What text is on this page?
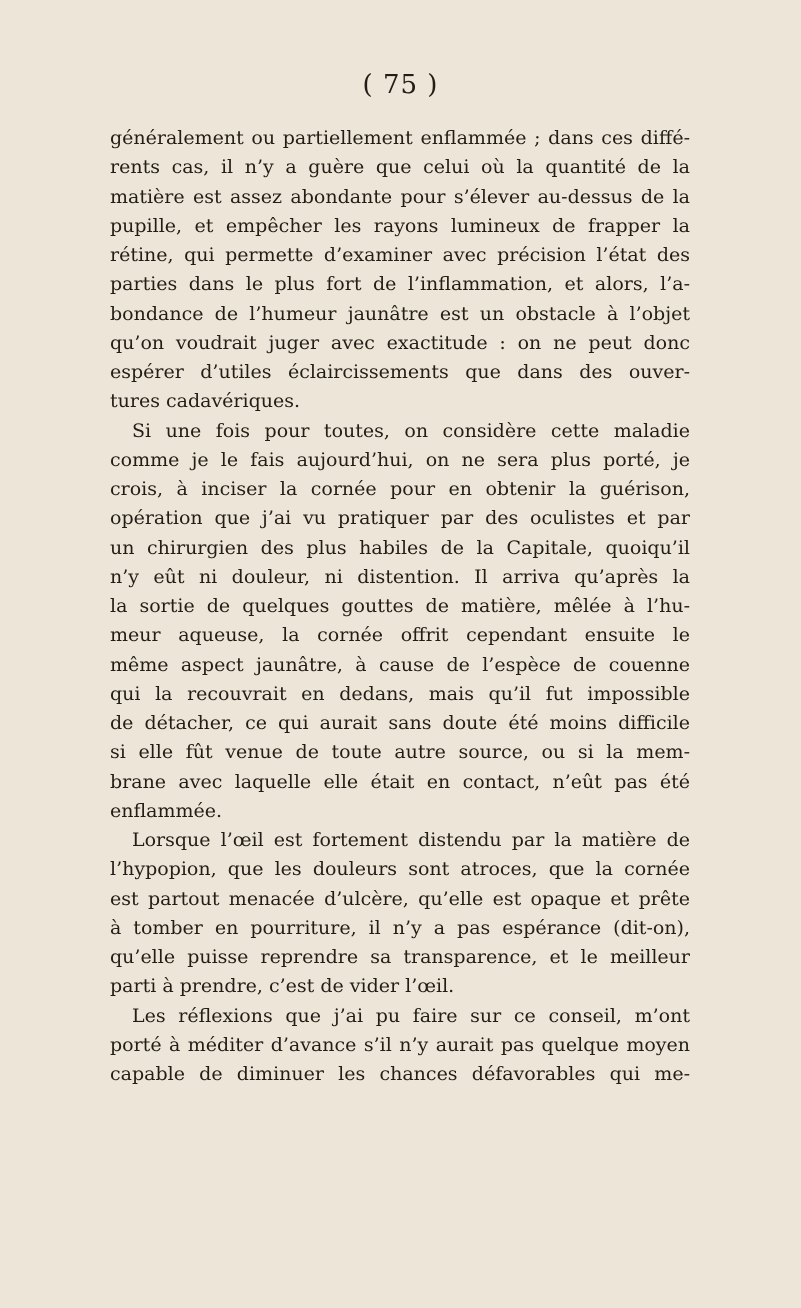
( 75 )
généralement ou partiellement enflammée ; dans ces diffé-
rents cas, il n’y a guère que celui où la quantité de la
matière est assez abondante pour s’élever au-dessus de la
pupille, et empêcher les rayons lumineux de frapper la
rétine, qui permette d’examiner avec précision l’état des
parties dans le plus fort de l’inflammation, et alors, l’a-
bondance de l’humeur jaunâtre est un obstacle à l’objet
qu’on voudrait juger avec exactitude : on ne peut donc
espérer d’utiles éclaircissements que dans des ouver-
tures cadavériques.
Si une fois pour toutes, on considère cette maladie
comme je le fais aujourd’hui, on ne sera plus porté, je
crois, à inciser la cornée pour en obtenir la guérison,
opération que j’ai vu pratiquer par des oculistes et par
un chirurgien des plus habiles de la Capitale, quoiqu’il
n’y eût ni douleur, ni distention. Il arriva qu’après la
la sortie de quelques gouttes de matière, mêlée à l’hu-
meur aqueuse, la cornée offrit cependant ensuite le
même aspect jaunâtre, à cause de l’espèce de couenne
qui la recouvrait en dedans, mais qu’il fut impossible
de détacher, ce qui aurait sans doute été moins difficile
si elle fût venue de toute autre source, ou si la mem-
brane avec laquelle elle était en contact, n’eût pas été
enflammée.
Lorsque l’œil est fortement distendu par la matière de
l’hypopion, que les douleurs sont atroces, que la cornée
est partout menacée d’ulcère, qu’elle est opaque et prête
à tomber en pourriture, il n’y a pas espérance (dit-on),
qu’elle puisse reprendre sa transparence, et le meilleur
parti à prendre, c’est de vider l’œil.
Les réflexions que j’ai pu faire sur ce conseil, m’ont
porté à méditer d’avance s’il n’y aurait pas quelque moyen
capable de diminuer les chances défavorables qui me-
